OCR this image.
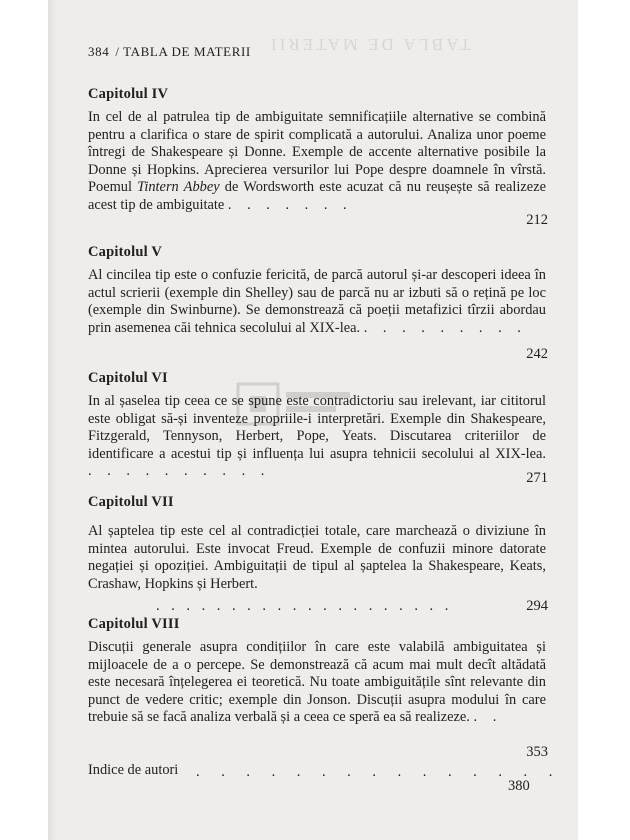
TABLA DE MATERII
384 / TABLA DE MATERII
Capitolul IV

In cel de al patrulea tip de ambiguitate semnificațiile alternative se combină pentru a clarifica o stare de spirit complicată a autorului. Analiza unor poeme întregi de Shakespeare și Donne. Exemple de accente alternative posibile la Donne și Hopkins. Aprecierea versurilor lui Pope despre doamnele în vîrstă. Poemul Tintern Abbey de Wordsworth este acuzat că nu reușește să realizeze acest tip de ambiguitate . . . . . . .

212
Capitolul V

Al cincilea tip este o confuzie fericită, de parcă autorul și-ar descoperi ideea în actul scrierii (exemple din Shelley) sau de parcă nu ar izbuti să o rețină pe loc (exemple din Swinburne). Se demonstrează că poeții metafizici tîrzii abordau prin asemenea căi tehnica secolului al XIX-lea. . . . . . . . . .

242
Capitolul VI

In al șaselea tip ceea ce se spune este contradictoriu sau irelevant, iar cititorul este obligat să-și inventeze propriile-i interpretări. Exemple din Shakespeare, Fitzgerald, Tennyson, Herbert, Pope, Yeats. Discutarea criteriilor de identificare a acestui tip și influența lui asupra tehnicii secolului al XIX-lea. . . . . . . . . . .	271
Capitolul VII

Al șaptelea tip este cel al contradicției totale, care marchează o diviziune în mintea autorului. Este invocat Freud. Exemple de confuzii minore datorate negației și opoziției. Ambiguitații de tipul al șaptelea la Shakespeare, Keats, Crashaw, Hopkins și Herbert.

. . . . . . . . . . . . . . . . . . . .	294
Capitolul VIII

Discuții generale asupra condițiilor în care este valabilă ambiguitatea și mijloacele de a o percepe. Se demonstrează că acum mai mult decît altădată este necesară înțelegerea ei teoretică. Nu toate ambiguitățile sînt relevante din punct de vedere critic; exemple din Jonson. Discuții asupra modului în care trebuie să se facă analiza verbală și a ceea ce speră ea să realizeze. . .

353
Indice de autori . . . . . . . . . . . . . . .
380
